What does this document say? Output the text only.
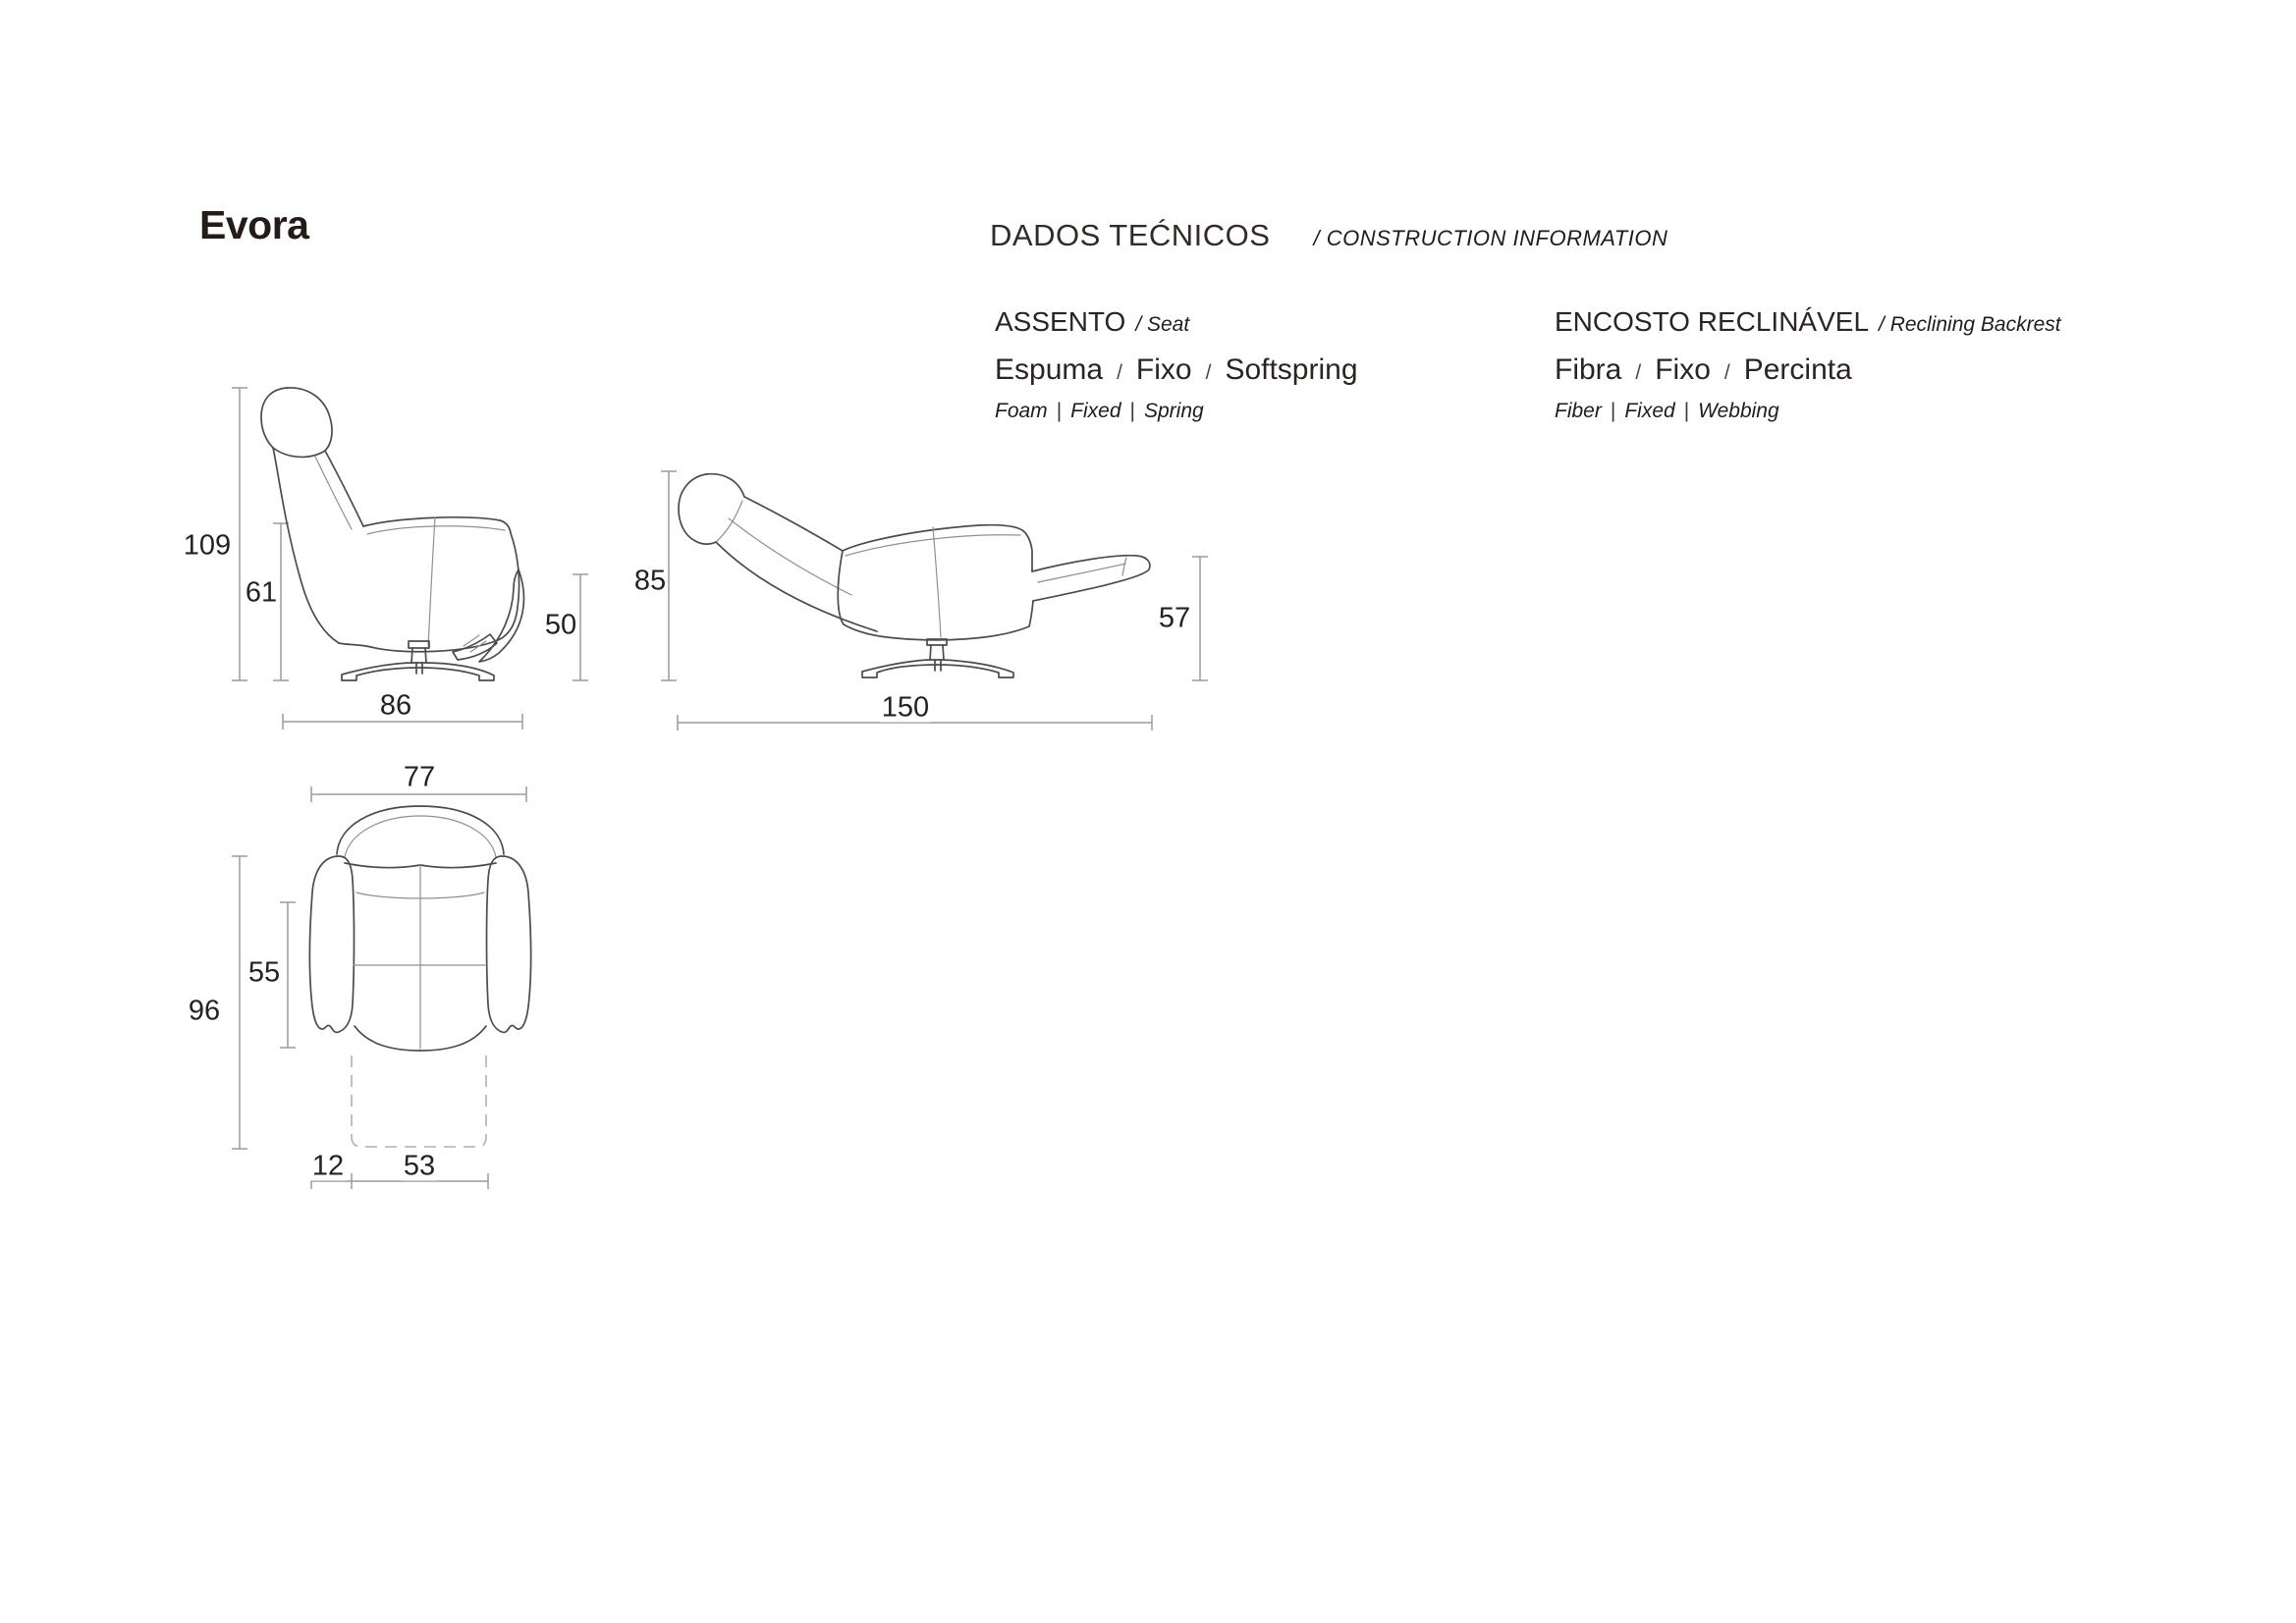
Evora	DADOS TEĆNICOS / CONSTRUCTION INFORMATION
ASSENTO / Seat
Espuma / Fixo / Softspring
Foam | Fixed | Spring
ENCOSTO RECLINÁVEL / Reclining Backrest
Fibra / Fixo / Percinta
Fiber | Fixed | Webbing
109
61
50
86
85
57
150
77
96
55
12 53
